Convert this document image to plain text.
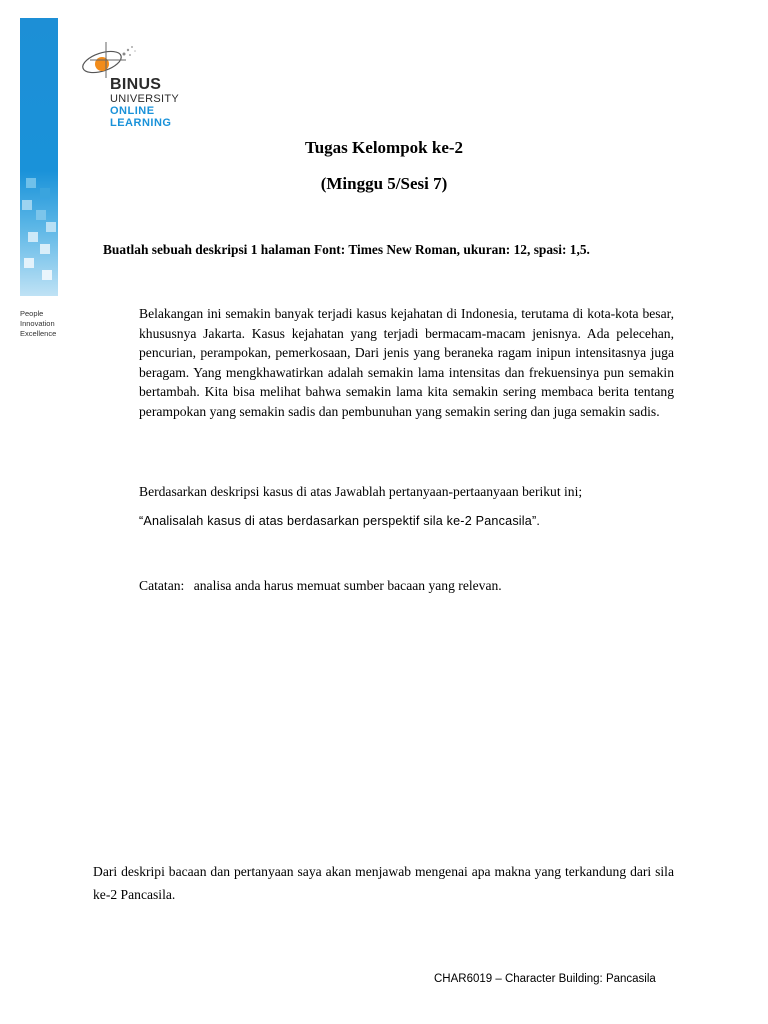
People
Innovation
Excellence
BINUS
UNIVERSITY
ONLINE
LEARNING
Tugas Kelompok ke-2
(Minggu 5/Sesi 7)
Buatlah sebuah deskripsi 1 halaman Font: Times New Roman, ukuran: 12, spasi: 1,5.
Belakangan ini semakin banyak terjadi kasus kejahatan di Indonesia, terutama di kota-kota besar, khususnya Jakarta. Kasus kejahatan yang terjadi bermacam-macam jenisnya. Ada pelecehan, pencurian, perampokan, pemerkosaan, Dari jenis yang beraneka ragam inipun intensitasnya juga beragam. Yang mengkhawatirkan adalah semakin lama intensitas dan frekuensinya pun semakin bertambah. Kita bisa melihat bahwa semakin lama kita semakin sering membaca berita tentang perampokan yang semakin sadis dan pembunuhan yang semakin sering dan juga semakin sadis.
Berdasarkan deskripsi kasus di atas Jawablah pertanyaan-pertaanyaan berikut ini;
“Analisalah kasus di atas berdasarkan perspektif sila ke-2 Pancasila”.
Catatan: analisa anda harus memuat sumber bacaan yang relevan.
Dari deskripi bacaan dan pertanyaan saya akan menjawab mengenai apa makna yang terkandung dari sila ke-2 Pancasila.
CHAR6019 – Character Building: Pancasila
